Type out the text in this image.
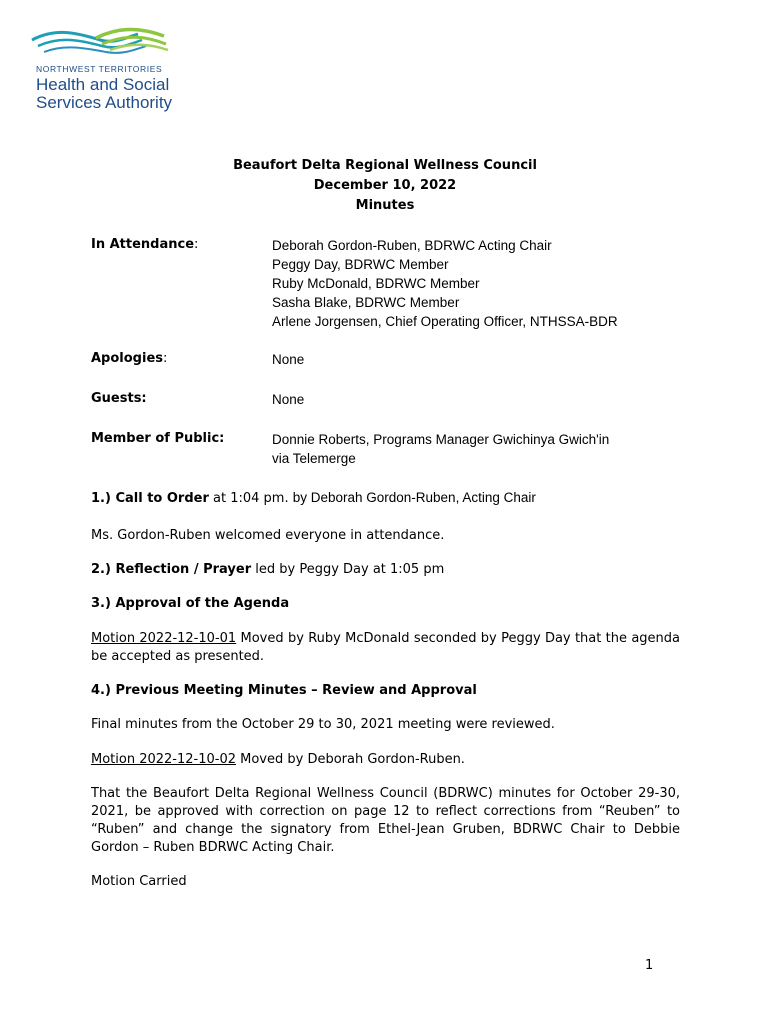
NORTHWEST TERRITORIES
Health and Social
Services Authority
Beaufort Delta Regional Wellness Council
December 10, 2022
Minutes
In Attendance:	Deborah Gordon-Ruben, BDRWC Acting Chair
Peggy Day, BDRWC Member
Ruby McDonald, BDRWC Member
Sasha Blake, BDRWC Member
Arlene Jorgensen, Chief Operating Officer, NTHSSA-BDR
Apologies:	None
Guests:	None
Member of Public:	Donnie Roberts, Programs Manager Gwichinya Gwich'in
via Telemerge
1.) Call to Order at 1:04 pm. by Deborah Gordon-Ruben, Acting Chair
Ms. Gordon-Ruben welcomed everyone in attendance.
2.) Reflection / Prayer led by Peggy Day at 1:05 pm
3.) Approval of the Agenda
Motion 2022-12-10-01 Moved by Ruby McDonald seconded by Peggy Day that the agenda be accepted as presented.
4.) Previous Meeting Minutes – Review and Approval
Final minutes from the October 29 to 30, 2021 meeting were reviewed.
Motion 2022-12-10-02 Moved by Deborah Gordon-Ruben.
That the Beaufort Delta Regional Wellness Council (BDRWC) minutes for October 29-30, 2021, be approved with correction on page 12 to reflect corrections from “Reuben” to “Ruben” and change the signatory from Ethel-Jean Gruben, BDRWC Chair to Debbie Gordon – Ruben BDRWC Acting Chair.
Motion Carried
1
